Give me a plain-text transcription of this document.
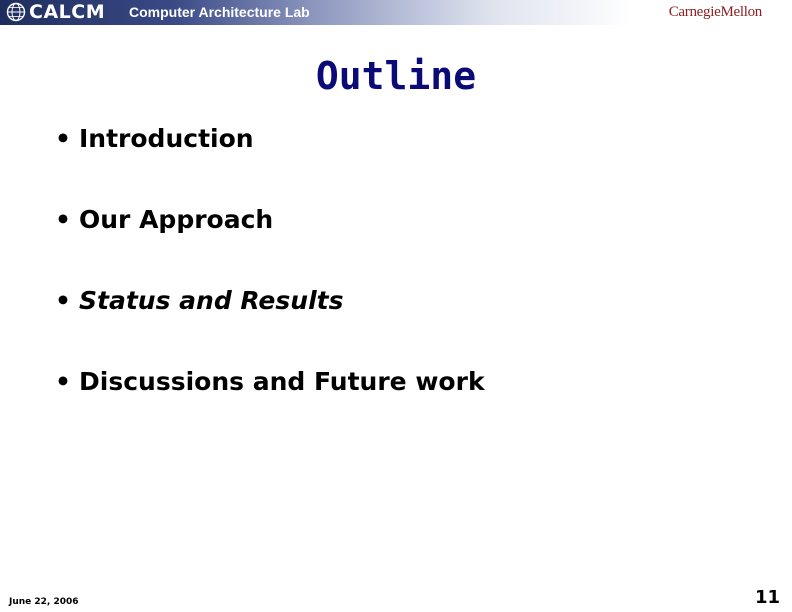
CALCM Computer Architecture Lab	CarnegieMellon
Outline
• Introduction
• Our Approach
• Status and Results
• Discussions and Future work
June 22, 2006	11
